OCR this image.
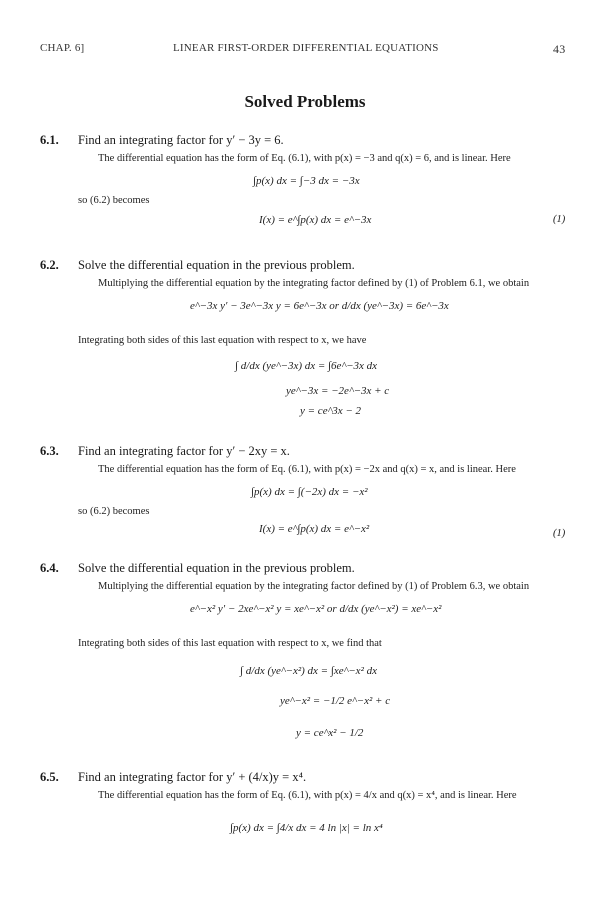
CHAP. 6]	LINEAR FIRST-ORDER DIFFERENTIAL EQUATIONS	43
Solved Problems
6.1. Find an integrating factor for y′ − 3y = 6.
The differential equation has the form of Eq. (6.1), with p(x) = −3 and q(x) = 6, and is linear. Here
∫p(x) dx = ∫−3 dx = −3x
so (6.2) becomes
I(x) = e^∫p(x) dx = e^−3x	(1)
6.2. Solve the differential equation in the previous problem.
Multiplying the differential equation by the integrating factor defined by (1) of Problem 6.1, we obtain
e^−3x y′ − 3e^−3x y = 6e^−3x or d/dx (ye^−3x) = 6e^−3x
Integrating both sides of this last equation with respect to x, we have
∫ d/dx (ye^−3x) dx = ∫6e^−3x dx
ye^−3x = −2e^−3x + c
y = ce^3x − 2
6.3. Find an integrating factor for y′ − 2xy = x.
The differential equation has the form of Eq. (6.1), with p(x) = −2x and q(x) = x, and is linear. Here
∫p(x) dx = ∫(−2x) dx = −x²
so (6.2) becomes
I(x) = e^∫p(x) dx = e^−x²	(1)
6.4. Solve the differential equation in the previous problem.
Multiplying the differential equation by the integrating factor defined by (1) of Problem 6.3, we obtain
e^−x² y′ − 2xe^−x² y = xe^−x² or d/dx (ye^−x²) = xe^−x²
Integrating both sides of this last equation with respect to x, we find that
∫ d/dx (ye^−x²) dx = ∫xe^−x² dx
ye^−x² = −1/2 e^−x² + c
y = ce^x² − 1/2
6.5. Find an integrating factor for y′ + (4/x)y = x⁴.
The differential equation has the form of Eq. (6.1), with p(x) = 4/x and q(x) = x⁴, and is linear. Here
∫p(x) dx = ∫4/x dx = 4 ln |x| = ln x⁴
